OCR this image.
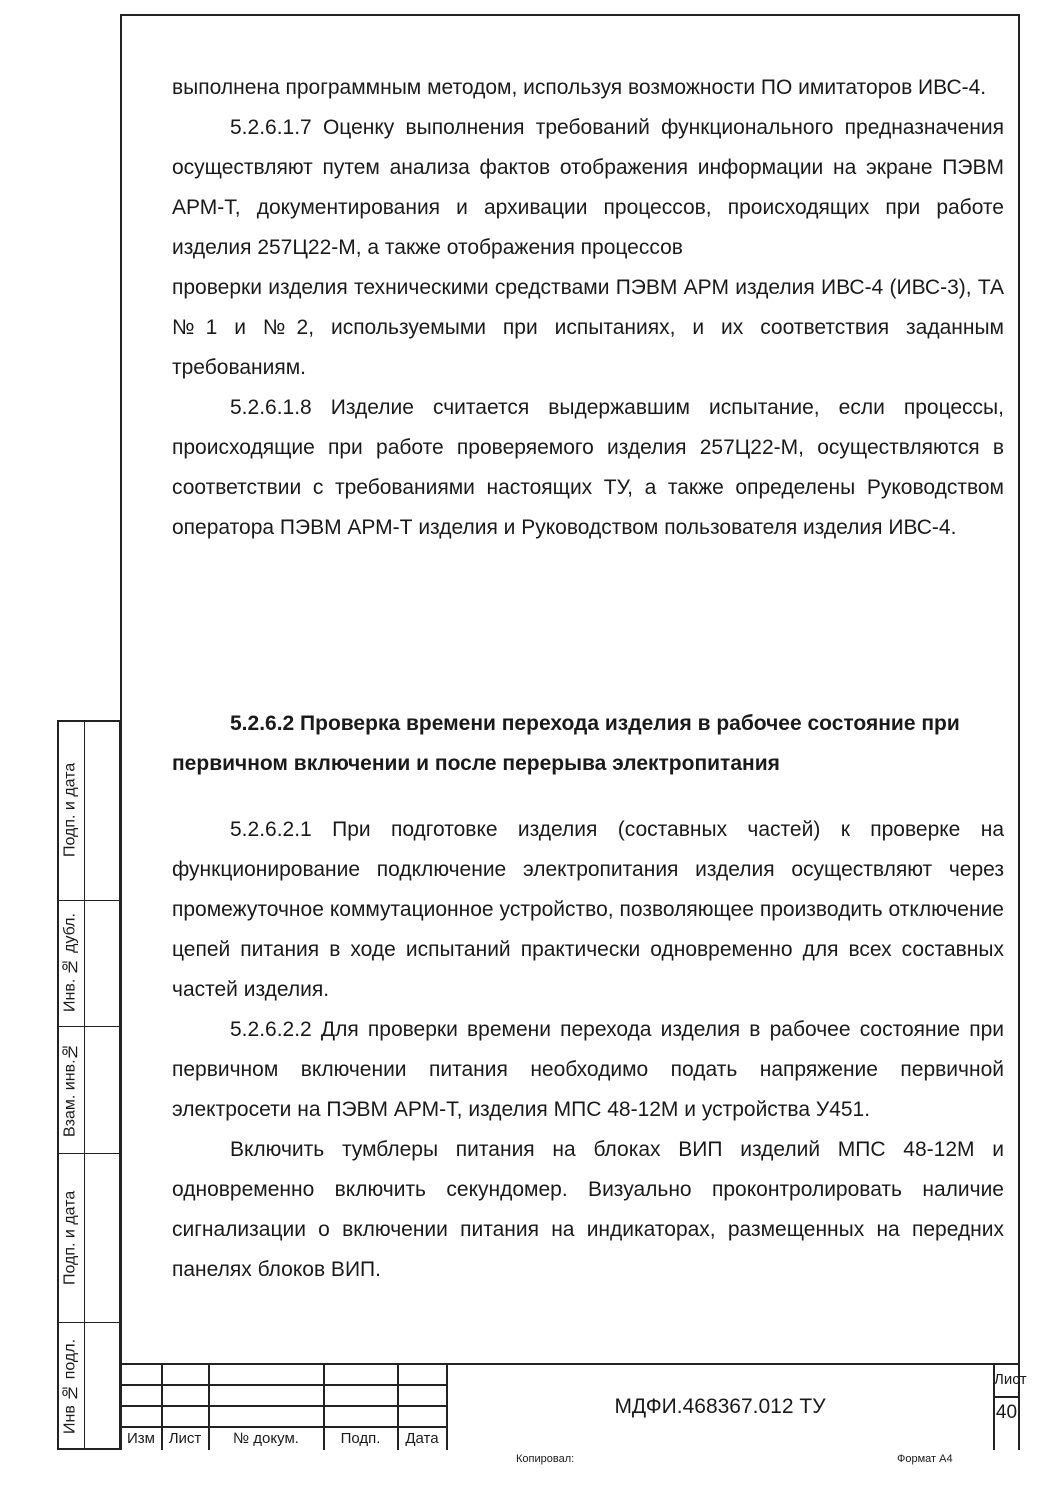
Подп. и дата
Инв. № дубл.
Взам. инв.№
Подп. и дата
Инв № подл.

выполнена программным методом, используя возможности ПО имитаторов ИВС-4.

5.2.6.1.7 Оценку выполнения требований функционального предназначения осуществляют путем анализа фактов отображения информации на экране ПЭВМ АРМ-Т, документирования и архивации процессов, происходящих при работе изделия 257Ц22-М, а также отображения процессов

проверки изделия техническими средствами ПЭВМ АРМ изделия ИВС-4 (ИВС-3), ТА №1 и №2, используемыми при испытаниях, и их соответствия заданным требованиям.

5.2.6.1.8 Изделие считается выдержавшим испытание, если процессы, происходящие при работе проверяемого изделия 257Ц22-М, осуществляются в соответствии с требованиями настоящих ТУ, а также определены Руководством оператора ПЭВМ АРМ-Т изделия и Руководством пользователя изделия ИВС-4.

5.2.6.2 Проверка времени перехода изделия в рабочее состояние при первичном включении и после перерыва электропитания

5.2.6.2.1 При подготовке изделия (составных частей) к проверке на функционирование подключение электропитания изделия осуществляют через промежуточное коммутационное устройство, позволяющее производить отключение цепей питания в ходе испытаний практически одновременно для всех составных частей изделия.

5.2.6.2.2 Для проверки времени перехода изделия в рабочее состояние при первичном включении питания необходимо подать напряжение первичной электросети на ПЭВМ АРМ-Т, изделия МПС 48-12М и устройства У451.

Включить тумблеры питания на блоках ВИП изделий МПС 48-12М и одновременно включить секундомер. Визуально проконтролировать наличие сигнализации о включении питания на индикаторах, размещенных на передних панелях блоков ВИП.

Изм Лист	№ докум.	Подп.	Дата
МДФИ.468367.012 ТУ
Лист
40
Копировал:	Формат А4
